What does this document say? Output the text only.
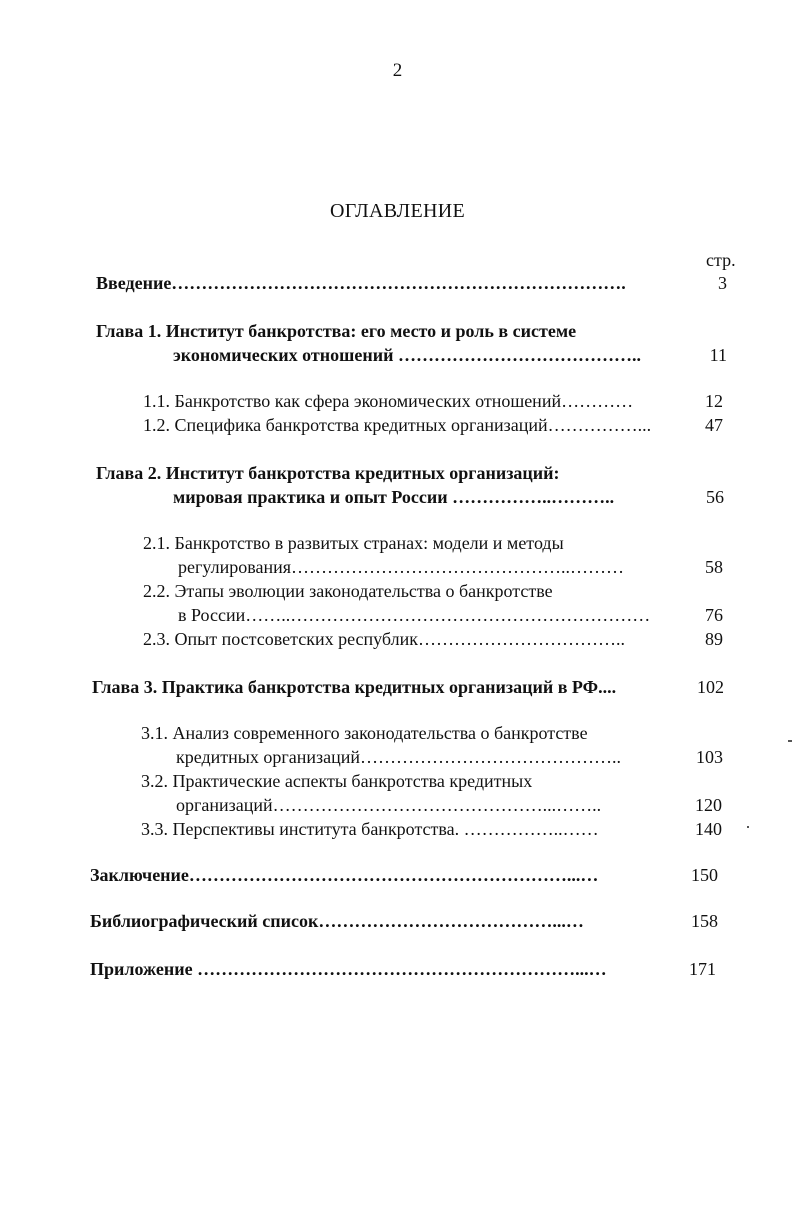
2
ОГЛАВЛЕНИЕ
стр.
Введение………………………………………………………………….	3
Глава 1. Институт банкротства: его место и роль в системе
экономических отношений …………………………………..	11
1.1. Банкротство как сфера экономических отношений…………	12
1.2. Специфика банкротства кредитных организаций……………...	47
Глава 2. Институт банкротства кредитных организаций:
мировая практика и опыт России ……………..………..	56
2.1. Банкротство в развитых странах: модели и методы
регулирования………………………………………..………	58
2.2. Этапы эволюции законодательства о банкротстве
в России……..……………………………………………………	76
2.3. Опыт постсоветских республик……………………………..	89
Глава 3. Практика банкротства кредитных организаций в РФ....	102
3.1. Анализ современного законодательства о банкротстве
кредитных организаций……………………………………..	103
3.2. Практические аспекты банкротства кредитных
организаций………………………………………...……..	120
3.3. Перспективы института банкротства. ……………..……	140
Заключение………………………………………………………...…	150
Библиографический список…………………………………...…	158
Приложение ………………………………………………………...…	171
